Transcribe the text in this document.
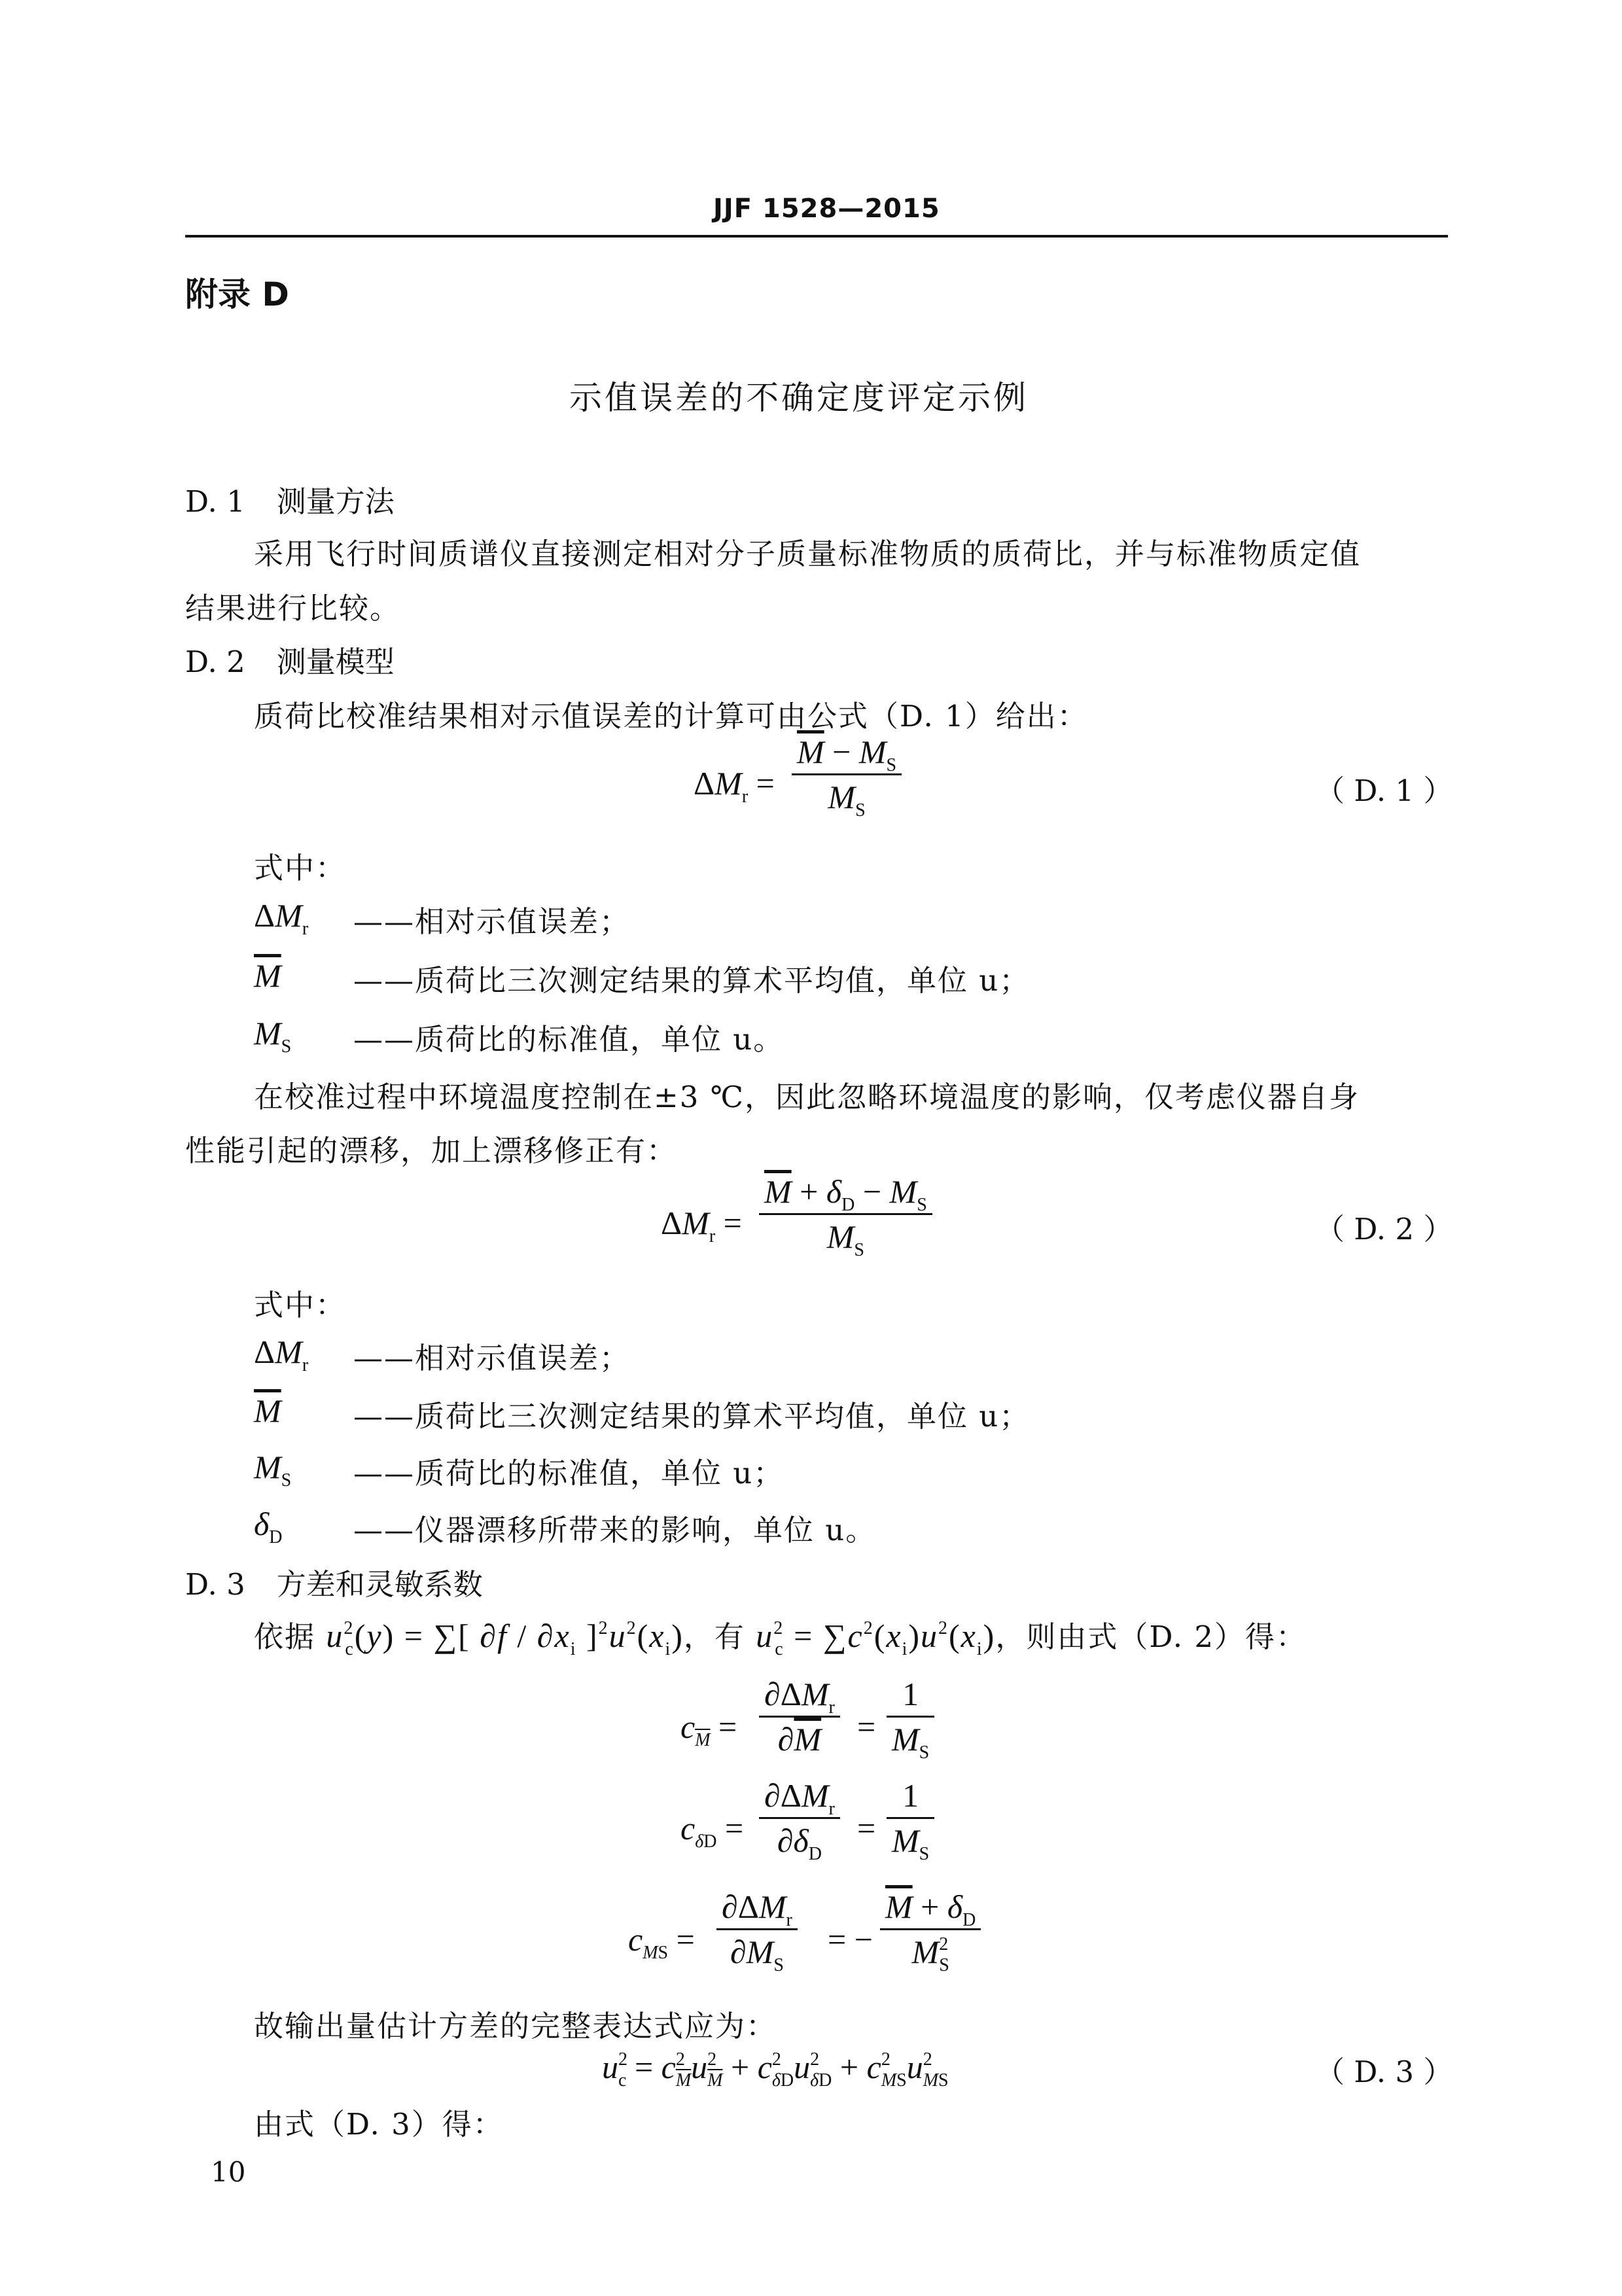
JJF 1528—2015
附录 D
示值误差的不确定度评定示例
D. 1 测量方法
采用飞行时间质谱仪直接测定相对分子质量标准物质的质荷比，并与标准物质定值
结果进行比较。
D. 2 测量模型
质荷比校准结果相对示值误差的计算可由公式（D. 1）给出：
$\Delta M_r = \frac{\overline{M} - M_S}{M_S}$	（ D. 1 ）
式中：
$\Delta M_r$ ——相对示值误差；
$\overline{M}$ ——质荷比三次测定结果的算术平均值，单位 u；
$M_S$ ——质荷比的标准值，单位 u。
在校准过程中环境温度控制在±3 ℃，因此忽略环境温度的影响，仅考虑仪器自身
性能引起的漂移，加上漂移修正有：
$\Delta M_r = \frac{\overline{M} + \delta_D - M_S}{M_S}$	（ D. 2 ）
式中：
$\Delta M_r$ ——相对示值误差；
$\overline{M}$ ——质荷比三次测定结果的算术平均值，单位 u；
$M_S$ ——质荷比的标准值，单位 u；
$\delta_D$ ——仪器漂移所带来的影响，单位 u。
D. 3 方差和灵敏系数
依据 $u^2_c(y)$ = ∑[ $\partial f / \partial x_i$ ]$^2u^2(x_i)$，有 $u^2_c = \sum c^2(x_i)u^2(x_i)$，则由式（D. 2）得：
$c_{\overline{M}}$ =
$\partial\Delta M_r$
$\partial\overline{M}$	= $\frac{1}{M_S}$
$c_{\delta D}$ =
$\partial\Delta M_r$
$\partial\delta_D$
= $\frac{1}{M_S}$
$c_{MS}$ =
$\partial\Delta M_r$
$\partial M_S$
= − $\frac{\overline{M} + \delta_D}{M^2_S}$
故输出量估计方差的完整表达式应为：
$u^2_c = c^2_{\overline{M}}u^2_{\overline{M}} + c^2_{\delta D}u^2_{\delta D} + c^2_{MS}u^2_{MS}$	（ D. 3 ）
由式（D. 3）得：
10
